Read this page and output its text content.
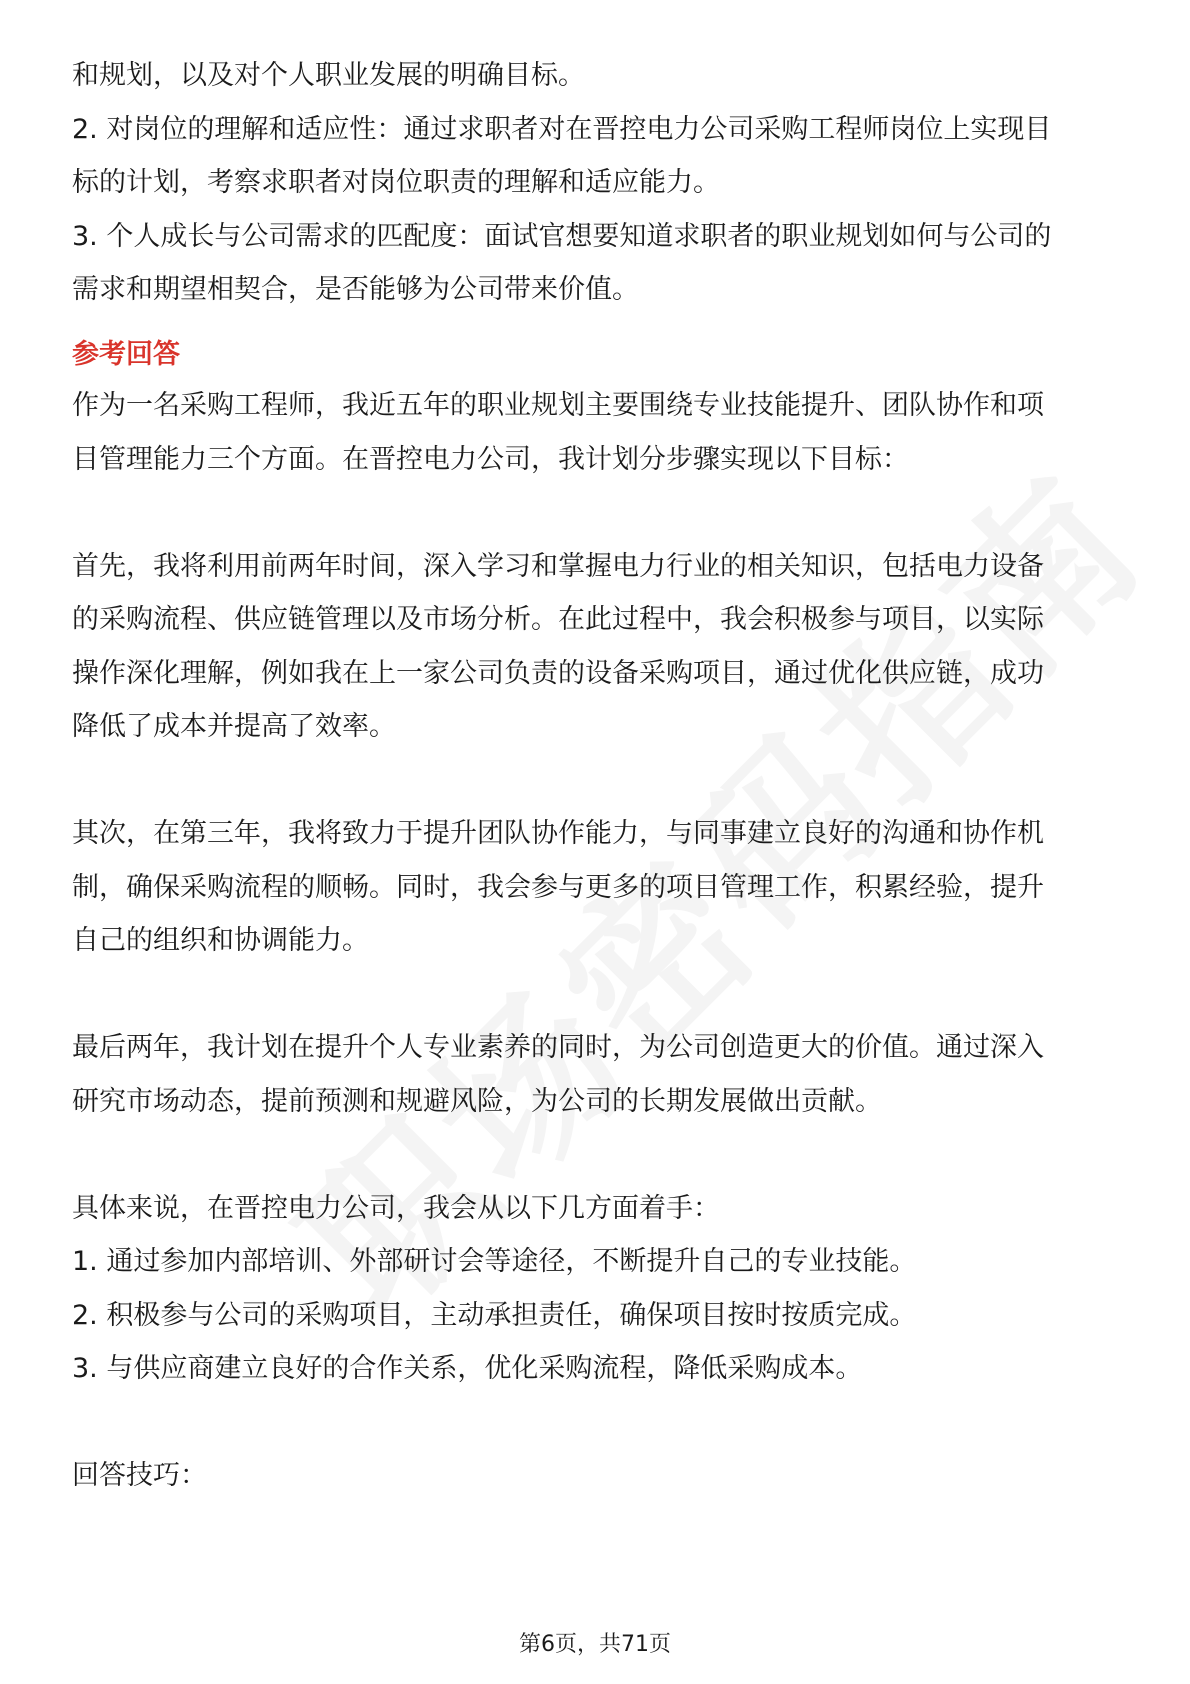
和规划，以及对个人职业发展的明确目标。
2. 对岗位的理解和适应性：通过求职者对在晋控电力公司采购工程师岗位上实现目
标的计划，考察求职者对岗位职责的理解和适应能力。
3. 个人成长与公司需求的匹配度：面试官想要知道求职者的职业规划如何与公司的
需求和期望相契合，是否能够为公司带来价值。
参考回答
作为一名采购工程师，我近五年的职业规划主要围绕专业技能提升、团队协作和项
目管理能力三个方面。在晋控电力公司，我计划分步骤实现以下目标：
首先，我将利用前两年时间，深入学习和掌握电力行业的相关知识，包括电力设备
的采购流程、供应链管理以及市场分析。在此过程中，我会积极参与项目，以实际
操作深化理解，例如我在上一家公司负责的设备采购项目，通过优化供应链，成功
降低了成本并提高了效率。
其次，在第三年，我将致力于提升团队协作能力，与同事建立良好的沟通和协作机
制，确保采购流程的顺畅。同时，我会参与更多的项目管理工作，积累经验，提升
自己的组织和协调能力。
最后两年，我计划在提升个人专业素养的同时，为公司创造更大的价值。通过深入
研究市场动态，提前预测和规避风险，为公司的长期发展做出贡献。
具体来说，在晋控电力公司，我会从以下几方面着手：
1. 通过参加内部培训、外部研讨会等途径，不断提升自己的专业技能。
2. 积极参与公司的采购项目，主动承担责任，确保项目按时按质完成。
3. 与供应商建立良好的合作关系，优化采购流程，降低采购成本。
回答技巧：
第6页，共71页
